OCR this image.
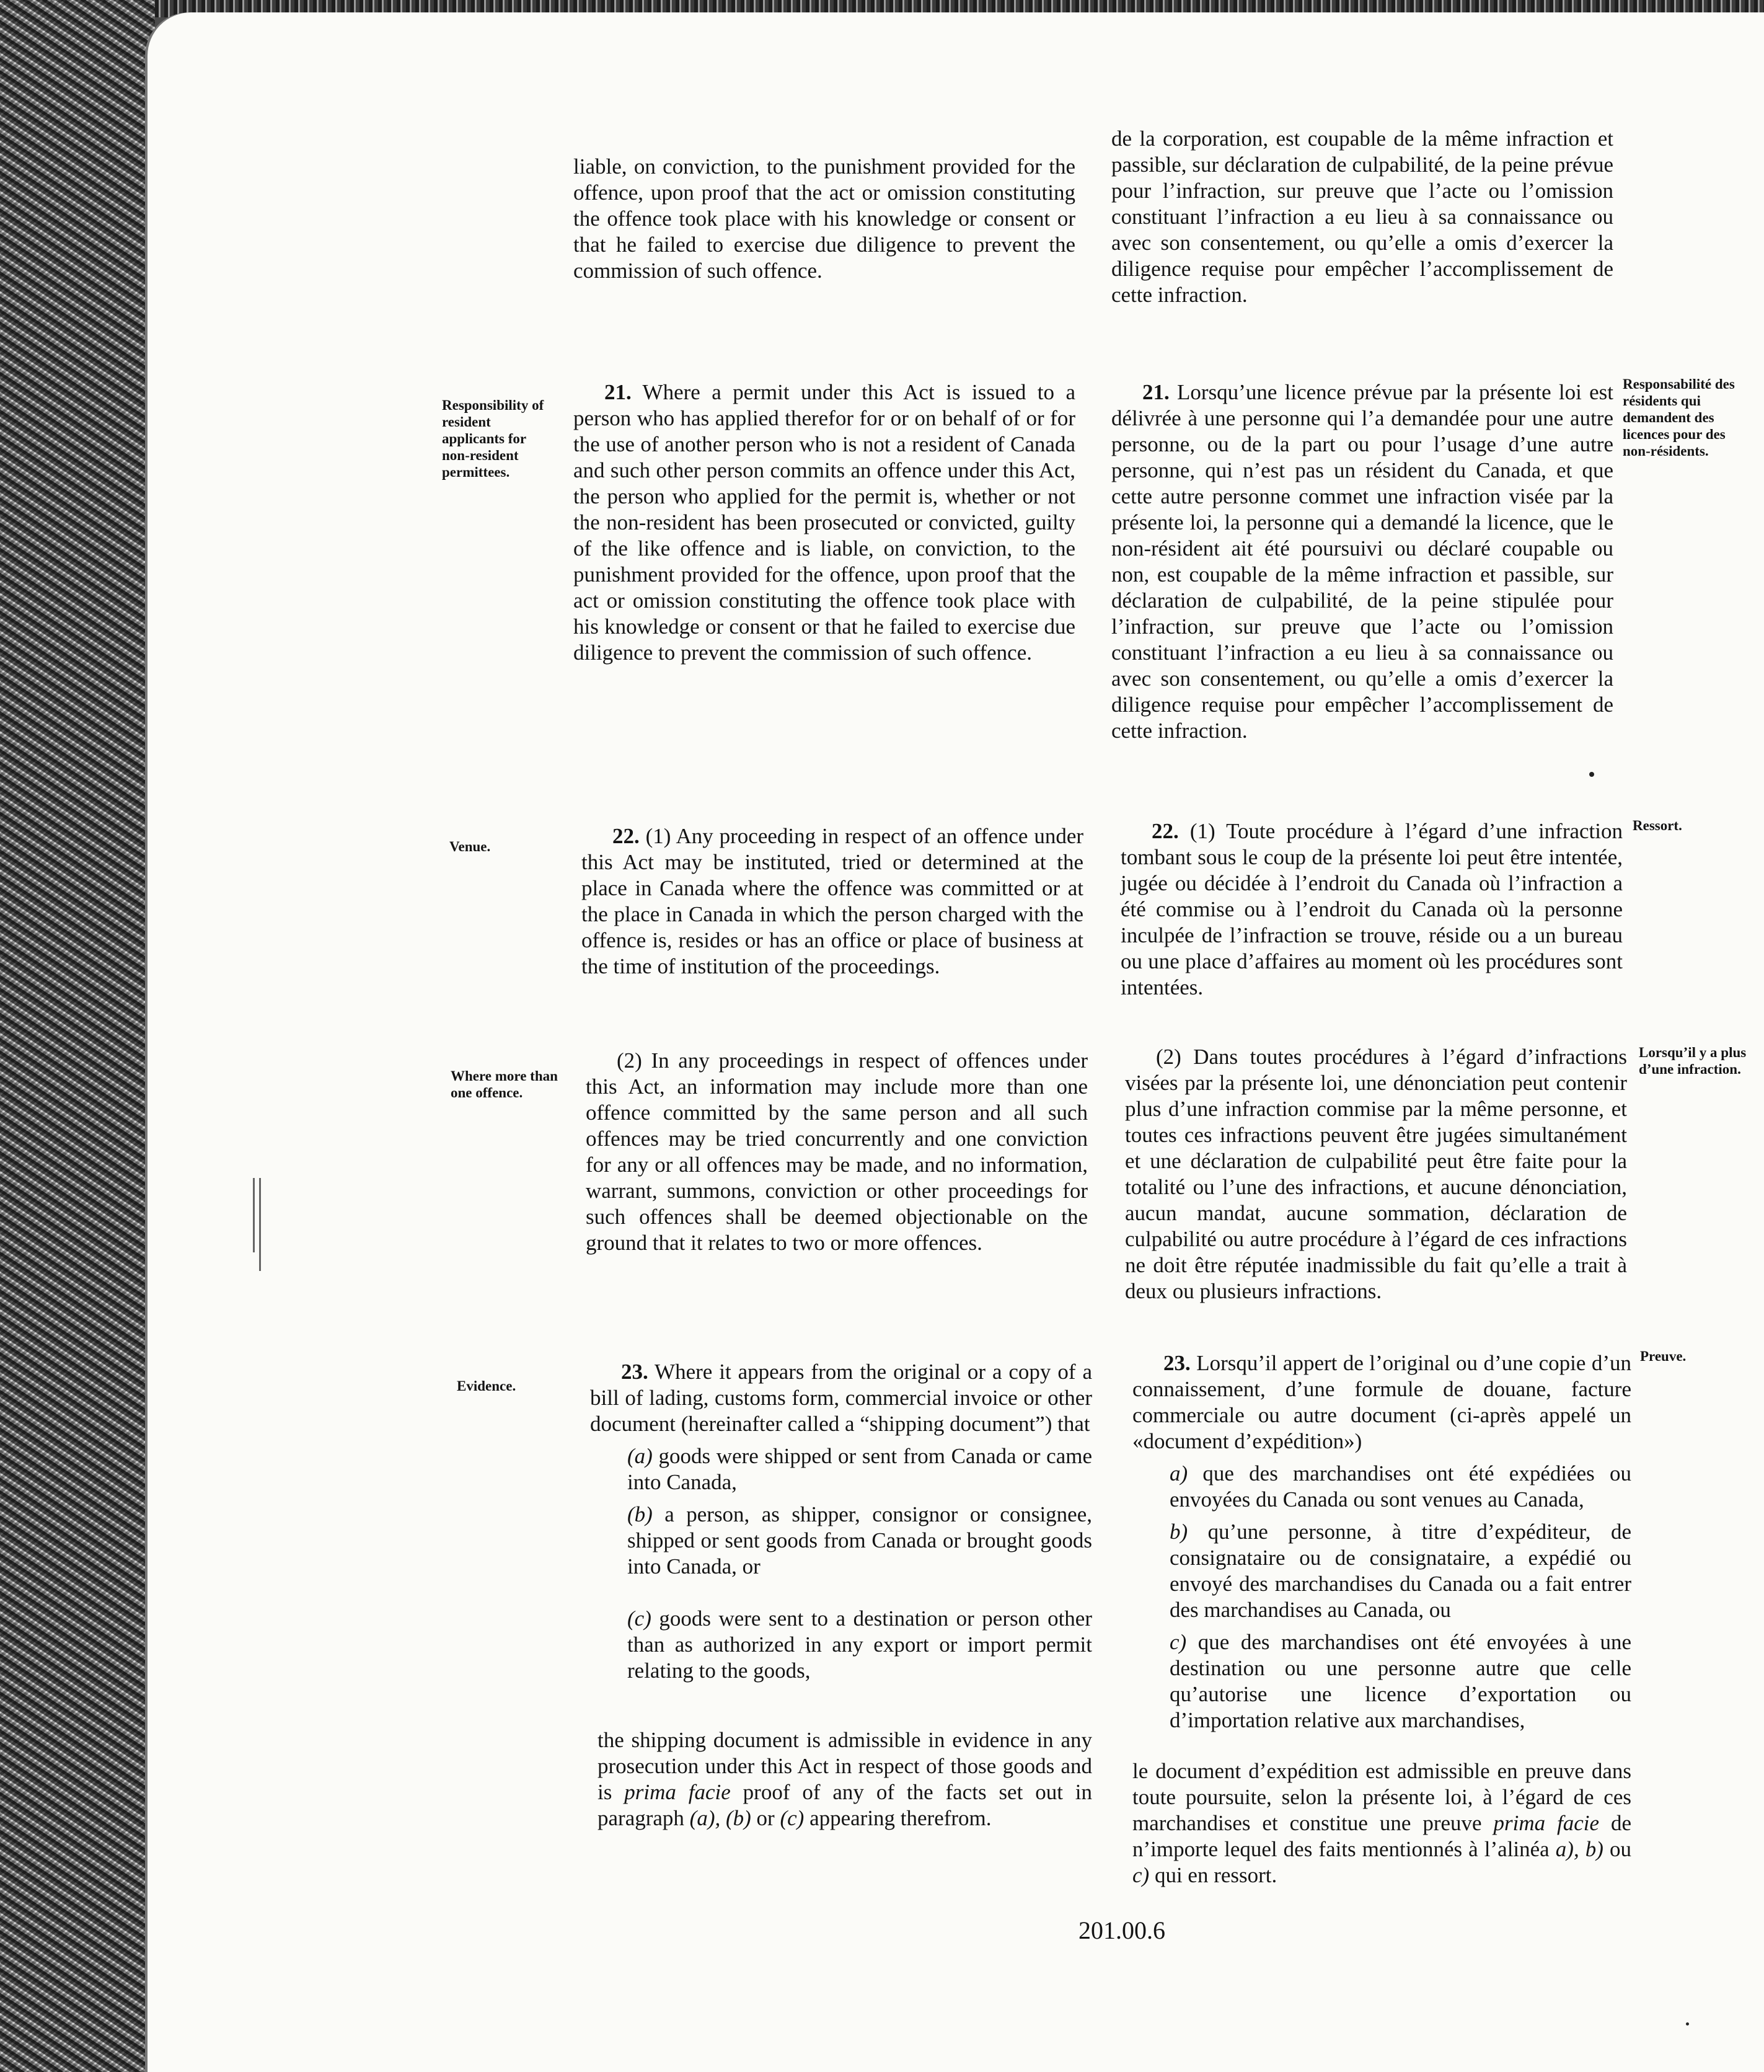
liable, on conviction, to the punishment provided for the offence, upon proof that the act or omission constituting the offence took place with his knowledge or consent or that he failed to exercise due diligence to prevent the commission of such offence.

de la corporation, est coupable de la même infraction et passible, sur déclaration de culpabilité, de la peine prévue pour l’infraction, sur preuve que l’acte ou l’omission constituant l’infraction a eu lieu à sa connaissance ou avec son consentement, ou qu’elle a omis d’exercer la diligence requise pour empêcher l’accomplissement de cette infraction.

Responsibility of resident applicants for non-resident permittees.

21. Where a permit under this Act is issued to a person who has applied therefor for or on behalf of or for the use of another person who is not a resident of Canada and such other person commits an offence under this Act, the person who applied for the permit is, whether or not the non-resident has been prosecuted or convicted, guilty of the like offence and is liable, on conviction, to the punishment provided for the offence, upon proof that the act or omission constituting the offence took place with his knowledge or consent or that he failed to exercise due diligence to prevent the commission of such offence.

21. Lorsqu’une licence prévue par la présente loi est délivrée à une personne qui l’a demandée pour une autre personne, ou de la part ou pour l’usage d’une autre personne, qui n’est pas un résident du Canada, et que cette autre personne commet une infraction visée par la présente loi, la personne qui a demandé la licence, que le non-résident ait été poursuivi ou déclaré coupable ou non, est coupable de la même infraction et passible, sur déclaration de culpabilité, de la peine stipulée pour l’infraction, sur preuve que l’acte ou l’omission constituant l’infraction a eu lieu à sa connaissance ou avec son consentement, ou qu’elle a omis d’exercer la diligence requise pour empêcher l’accomplissement de cette infraction.

Responsabilité des résidents qui demandent des licences pour des non-résidents.
Venue.	22. (1) Any proceeding in respect of an offence under this Act may be instituted, tried or determined at the place in Canada where the offence was committed or at the place in Canada in which the person charged with the offence is, resides or has an office or place of business at the time of institution of the proceedings.

22. (1) Toute procédure à l’égard d’une infraction tombant sous le coup de la présente loi peut être intentée, jugée ou décidée à l’endroit du Canada où l’infraction a été commise ou à l’endroit du Canada où la personne inculpée de l’infraction se trouve, réside ou a un bureau ou une place d’affaires au moment où les procédures sont intentées.

Ressort.
Where more than one offence.

(2) In any proceedings in respect of offences under this Act, an information may include more than one offence committed by the same person and all such offences may be tried concurrently and one conviction for any or all offences may be made, and no information, warrant, summons, conviction or other proceedings for such offences shall be deemed objectionable on the ground that it relates to two or more offences.

(2) Dans toutes procédures à l’égard d’infractions visées par la présente loi, une dénonciation peut contenir plus d’une infraction commise par la même personne, et toutes ces infractions peuvent être jugées simultanément et une déclaration de culpabilité peut être faite pour la totalité ou l’une des infractions, et aucune dénonciation, aucun mandat, aucune sommation, déclaration de culpabilité ou autre procédure à l’égard de ces infractions ne doit être réputée inadmissible du fait qu’elle a trait à deux ou plusieurs infractions.

Lorsqu’il y a plus d’une infraction.
Evidence.

23. Where it appears from the original or a copy of a bill of lading, customs form, commercial invoice or other document (hereinafter called a “shipping document”) that

(a) goods were shipped or sent from Canada or came into Canada,

(b) a person, as shipper, consignor or consignee, shipped or sent goods from Canada or brought goods into Canada, or

(c) goods were sent to a destination or person other than as authorized in any export or import permit relating to the goods,

the shipping document is admissible in evidence in any prosecution under this Act in respect of those goods and is prima facie proof of any of the facts set out in paragraph (a), (b) or (c) appearing therefrom.

23. Lorsqu’il appert de l’original ou d’une copie d’un connaissement, d’une formule de douane, facture commerciale ou autre document (ci-après appelé un «document d’expédition»)

a) que des marchandises ont été expédiées ou envoyées du Canada ou sont venues au Canada,

b) qu’une personne, à titre d’expéditeur, de consignataire ou de consignataire, a expédié ou envoyé des marchandises du Canada ou a fait entrer des marchandises au Canada, ou

c) que des marchandises ont été envoyées à une destination ou une personne autre que celle qu’autorise une licence d’exportation ou d’importation relative aux marchandises,

le document d’expédition est admissible en preuve dans toute poursuite, selon la présente loi, à l’égard de ces marchandises et constitue une preuve prima facie de n’importe lequel des faits mentionnés à l’alinéa a), b) ou c) qui en ressort.

Preuve.
201.00.6
